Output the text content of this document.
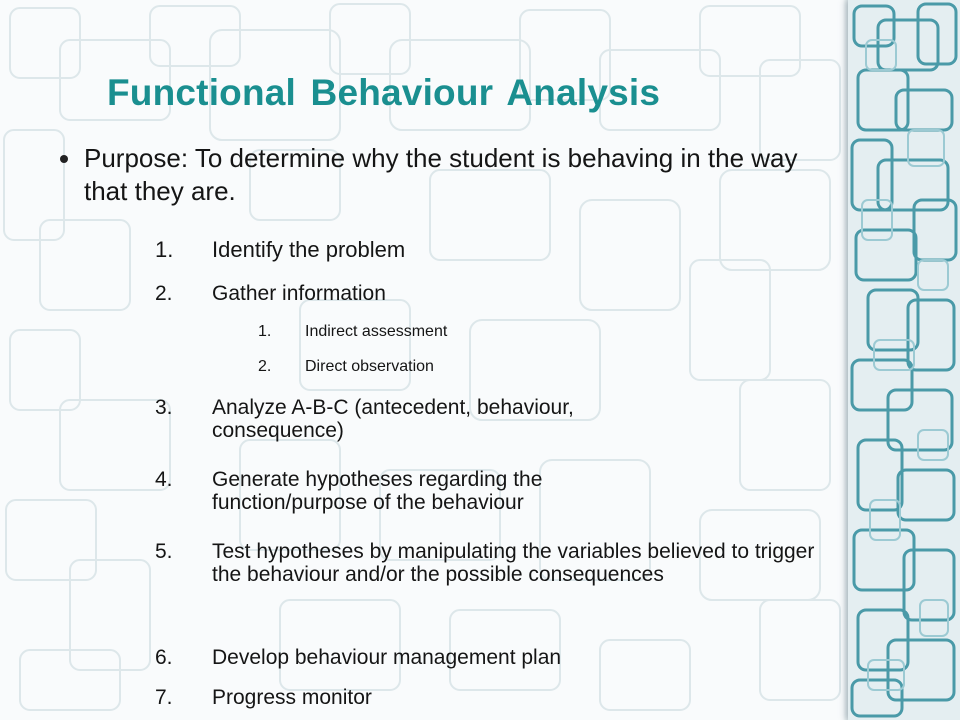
Functional Behaviour Analysis
Purpose: To determine why the student is behaving in the way that they are.
1. Identify the problem
2. Gather information
1. Indirect assessment
2. Direct observation
3. Analyze A-B-C (antecedent, behaviour, consequence)
4. Generate hypotheses regarding the function/purpose of the behaviour
5. Test hypotheses by manipulating the variables believed to trigger the behaviour and/or the possible consequences
6. Develop behaviour management plan
7. Progress monitor
